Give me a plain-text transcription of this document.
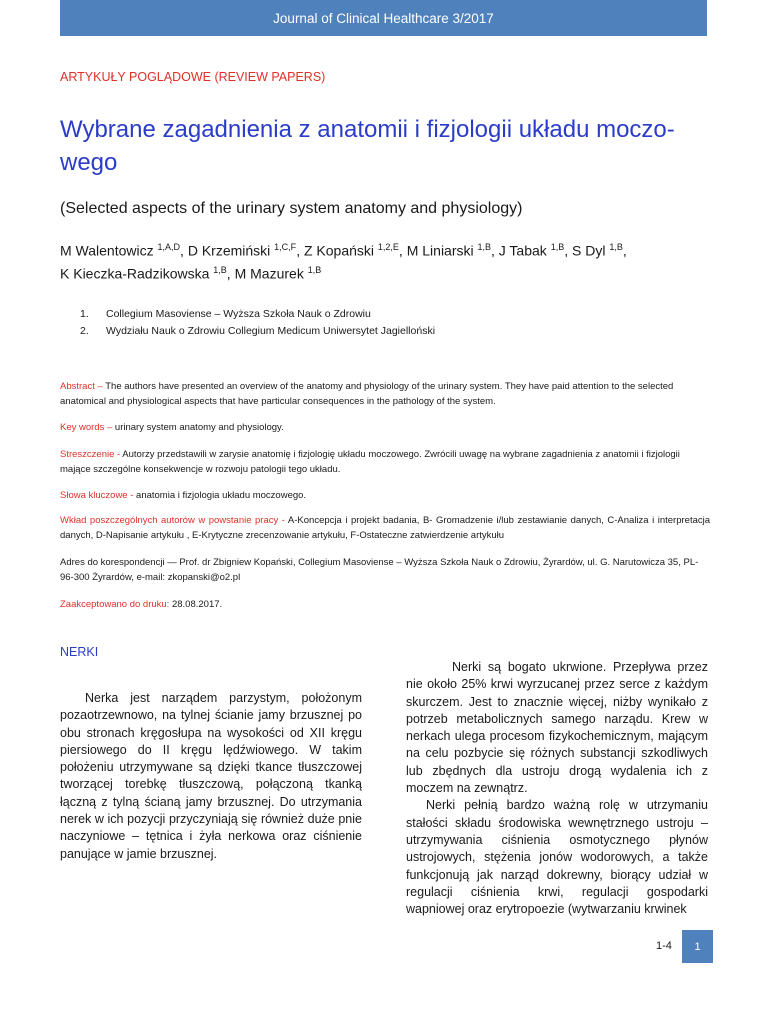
Journal of Clinical Healthcare 3/2017
ARTYKUŁY POGLĄDOWE (REVIEW PAPERS)
Wybrane zagadnienia z anatomii i fizjologii układu moczo-wego
(Selected aspects of the urinary system anatomy and physiology)
M Walentowicz $^{1,A,D}$, D Krzemiński $^{1,C,F}$, Z Kopański $^{1,2,E}$, M Liniarski $^{1,B}$, J Tabak $^{1,B}$, S Dyl $^{1,B}$,
K Kieczka-Radzikowska $^{1,B}$, M Mazurek $^{1,B}$
1. Collegium Masoviense – Wyższa Szkoła Nauk o Zdrowiu
2. Wydziału Nauk o Zdrowiu Collegium Medicum Uniwersytet Jagielloński

Abstract – The authors have presented an overview of the anatomy and physiology of the urinary system. They have paid attention to the selected anatomical and physiological aspects that have particular consequences in the pathology of the system.

Key words – urinary system anatomy and physiology.

Streszczenie - Autorzy przedstawili w zarysie anatomię i fizjologię układu moczowego. Zwrócili uwagę na wybrane zagadnienia z anatomii i fizjologii mające szczególne konsekwencje w rozwoju patologii tego układu.

Słowa kluczowe - anatomia i fizjologia układu moczowego.

Wkład poszczególnych autorów w powstanie pracy - A-Koncepcja i projekt badania, B- Gromadzenie i/lub zestawianie danych, C-Analiza i interpretacja danych, D-Napisanie artykułu , E-Krytyczne zrecenzowanie artykułu, F-Ostateczne zatwierdzenie artykułu

Adres do korespondencji — Prof. dr Zbigniew Kopański, Collegium Masoviense – Wyższa Szkoła Nauk o Zdrowiu, Żyrardów, ul. G. Narutowicza 35, PL-96-300 Żyrardów, e-mail: zkopanski@o2.pl

Zaakceptowano do druku: 28.08.2017.

NERKI

Nerka jest narządem parzystym, położonym pozaotrzewnowo, na tylnej ścianie jamy brzusznej po obu stronach kręgosłupa na wysokości od XII kręgu piersiowego do II kręgu lędźwiowego. W takim położeniu utrzymywane są dzięki tkance tłuszczowej tworzącej torebkę tłuszczową, połączoną tkanką łączną z tylną ścianą jamy brzusznej. Do utrzymania nerek w ich pozycji przyczyniają się również duże pnie naczyniowe – tętnica i żyła nerkowa oraz ciśnienie panujące w jamie brzusznej.

Nerki są bogato ukrwione. Przepływa przez nie około 25% krwi wyrzucanej przez serce z każdym skurczem. Jest to znacznie więcej, niżby wynikało z potrzeb metabolicznych samego narządu. Krew w nerkach ulega procesom fizykochemicznym, mającym na celu pozbycie się różnych substancji szkodliwych lub zbędnych dla ustroju drogą wydalenia ich z moczem na zewnątrz.

Nerki pełnią bardzo ważną rolę w utrzymaniu stałości składu środowiska wewnętrznego ustroju – utrzymywania ciśnienia osmotycznego płynów ustrojowych, stężenia jonów wodorowych, a także funkcjonują jak narząd dokrewny, biorący udział w regulacji ciśnienia krwi, regulacji gospodarki wapniowej oraz erytropoezie (wytwarzaniu krwinek

1-4 1
